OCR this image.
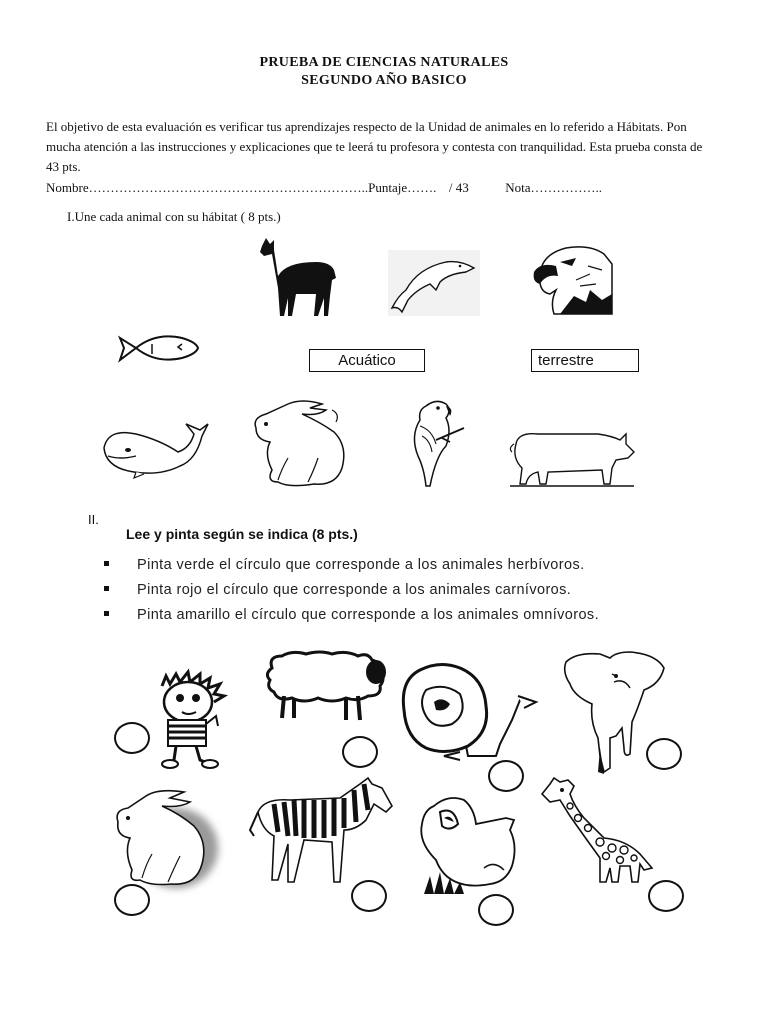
PRUEBA DE CIENCIAS NATURALES
SEGUNDO AÑO BASICO
El objetivo de esta evaluación es verificar tus aprendizajes respecto de la Unidad de animales en lo referido a Hábitats. Pon mucha atención a las instrucciones y explicaciones que te leerá tu profesora y contesta con tranquilidad. Esta prueba consta de 43 pts.
Nombre………………………………………………………..Puntaje……. / 43	Nota……………..
I.Une cada animal con su hábitat ( 8 pts.)
Acuático	terrestre
II.
Lee y pinta según se indica (8 pts.)
Pinta verde el círculo que corresponde a los animales herbívoros.
Pinta rojo el círculo que corresponde a los animales carnívoros.
Pinta amarillo el círculo que corresponde a los animales omnívoros.
